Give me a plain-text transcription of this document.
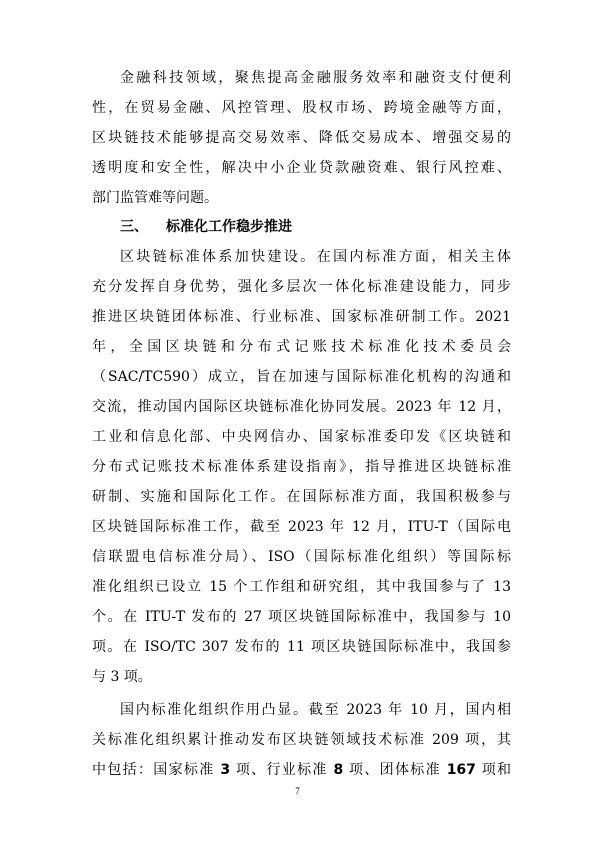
金融科技领域，聚焦提高金融服务效率和融资支付便利
性，在贸易金融、风控管理、股权市场、跨境金融等方面，
区块链技术能够提高交易效率、降低交易成本、增强交易的
透明度和安全性，解决中小企业贷款融资难、银行风控难、
部门监管难等问题。
三、 标准化工作稳步推进
区块链标准体系加快建设。在国内标准方面，相关主体
充分发挥自身优势，强化多层次一体化标准建设能力，同步
推进区块链团体标准、行业标准、国家标准研制工作。2021
年，全国区块链和分布式记账技术标准化技术委员会
（SAC/TC590）成立，旨在加速与国际标准化机构的沟通和
交流，推动国内国际区块链标准化协同发展。2023 年 12 月，
工业和信息化部、中央网信办、国家标准委印发《区块链和
分布式记账技术标准体系建设指南》，指导推进区块链标准
研制、实施和国际化工作。在国际标准方面，我国积极参与
区块链国际标准工作，截至 2023 年 12 月，ITU-T（国际电
信联盟电信标准分局）、ISO（国际标准化组织）等国际标
准化组织已设立 15 个工作组和研究组，其中我国参与了 13
个。在 ITU-T 发布的 27 项区块链国际标准中，我国参与 10
项。在 ISO/TC 307 发布的 11 项区块链国际标准中，我国参
与 3 项。
国内标准化组织作用凸显。截至 2023 年 10 月，国内相
关标准化组织累计推动发布区块链领域技术标准 209 项，其
中包括：国家标准 3 项、行业标准 8 项、团体标准 167 项和
7
